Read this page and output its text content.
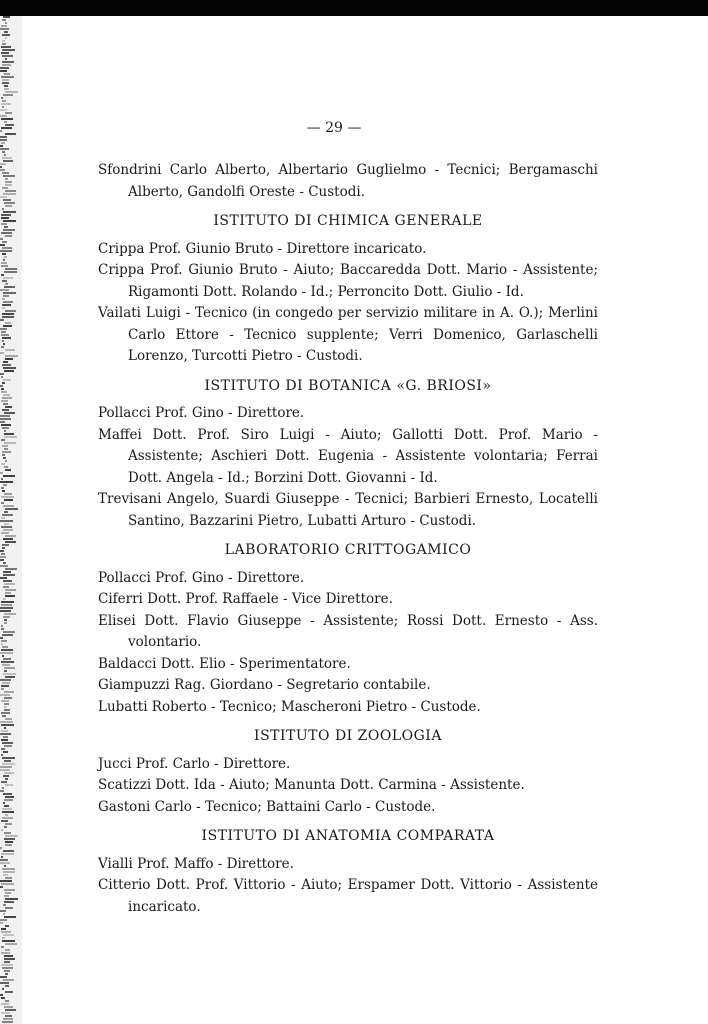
— 29 —

Sfondrini Carlo Alberto, Albertario Guglielmo - Tecnici; Bergamaschi Alberto, Gandolfi Oreste - Custodi.

ISTITUTO DI CHIMICA GENERALE

Crippa Prof. Giunio Bruto - Direttore incaricato.

Crippa Prof. Giunio Bruto - Aiuto; Baccaredda Dott. Mario - Assistente; Rigamonti Dott. Rolando - Id.; Perroncito Dott. Giulio - Id.

Vailati Luigi - Tecnico (in congedo per servizio militare in A. O.); Merlini Carlo Ettore - Tecnico supplente; Verri Domenico, Garlaschelli Lorenzo, Turcotti Pietro - Custodi.

ISTITUTO DI BOTANICA «G. BRIOSI»

Pollacci Prof. Gino - Direttore.

Maffei Dott. Prof. Siro Luigi - Aiuto; Gallotti Dott. Prof. Mario - Assistente; Aschieri Dott. Eugenia - Assistente volontaria; Ferrai Dott. Angela - Id.; Borzini Dott. Giovanni - Id.

Trevisani Angelo, Suardi Giuseppe - Tecnici; Barbieri Ernesto, Locatelli Santino, Bazzarini Pietro, Lubatti Arturo - Custodi.

LABORATORIO CRITTOGAMICO

Pollacci Prof. Gino - Direttore.

Ciferri Dott. Prof. Raffaele - Vice Direttore.

Elisei Dott. Flavio Giuseppe - Assistente; Rossi Dott. Ernesto - Ass. volontario.

Baldacci Dott. Elio - Sperimentatore.

Giampuzzi Rag. Giordano - Segretario contabile.

Lubatti Roberto - Tecnico; Mascheroni Pietro - Custode.

ISTITUTO DI ZOOLOGIA

Jucci Prof. Carlo - Direttore.

Scatizzi Dott. Ida - Aiuto; Manunta Dott. Carmina - Assistente.

Gastoni Carlo - Tecnico; Battaini Carlo - Custode.

ISTITUTO DI ANATOMIA COMPARATA

Vialli Prof. Maffo - Direttore.

Citterio Dott. Prof. Vittorio - Aiuto; Erspamer Dott. Vittorio - Assistente incaricato.
